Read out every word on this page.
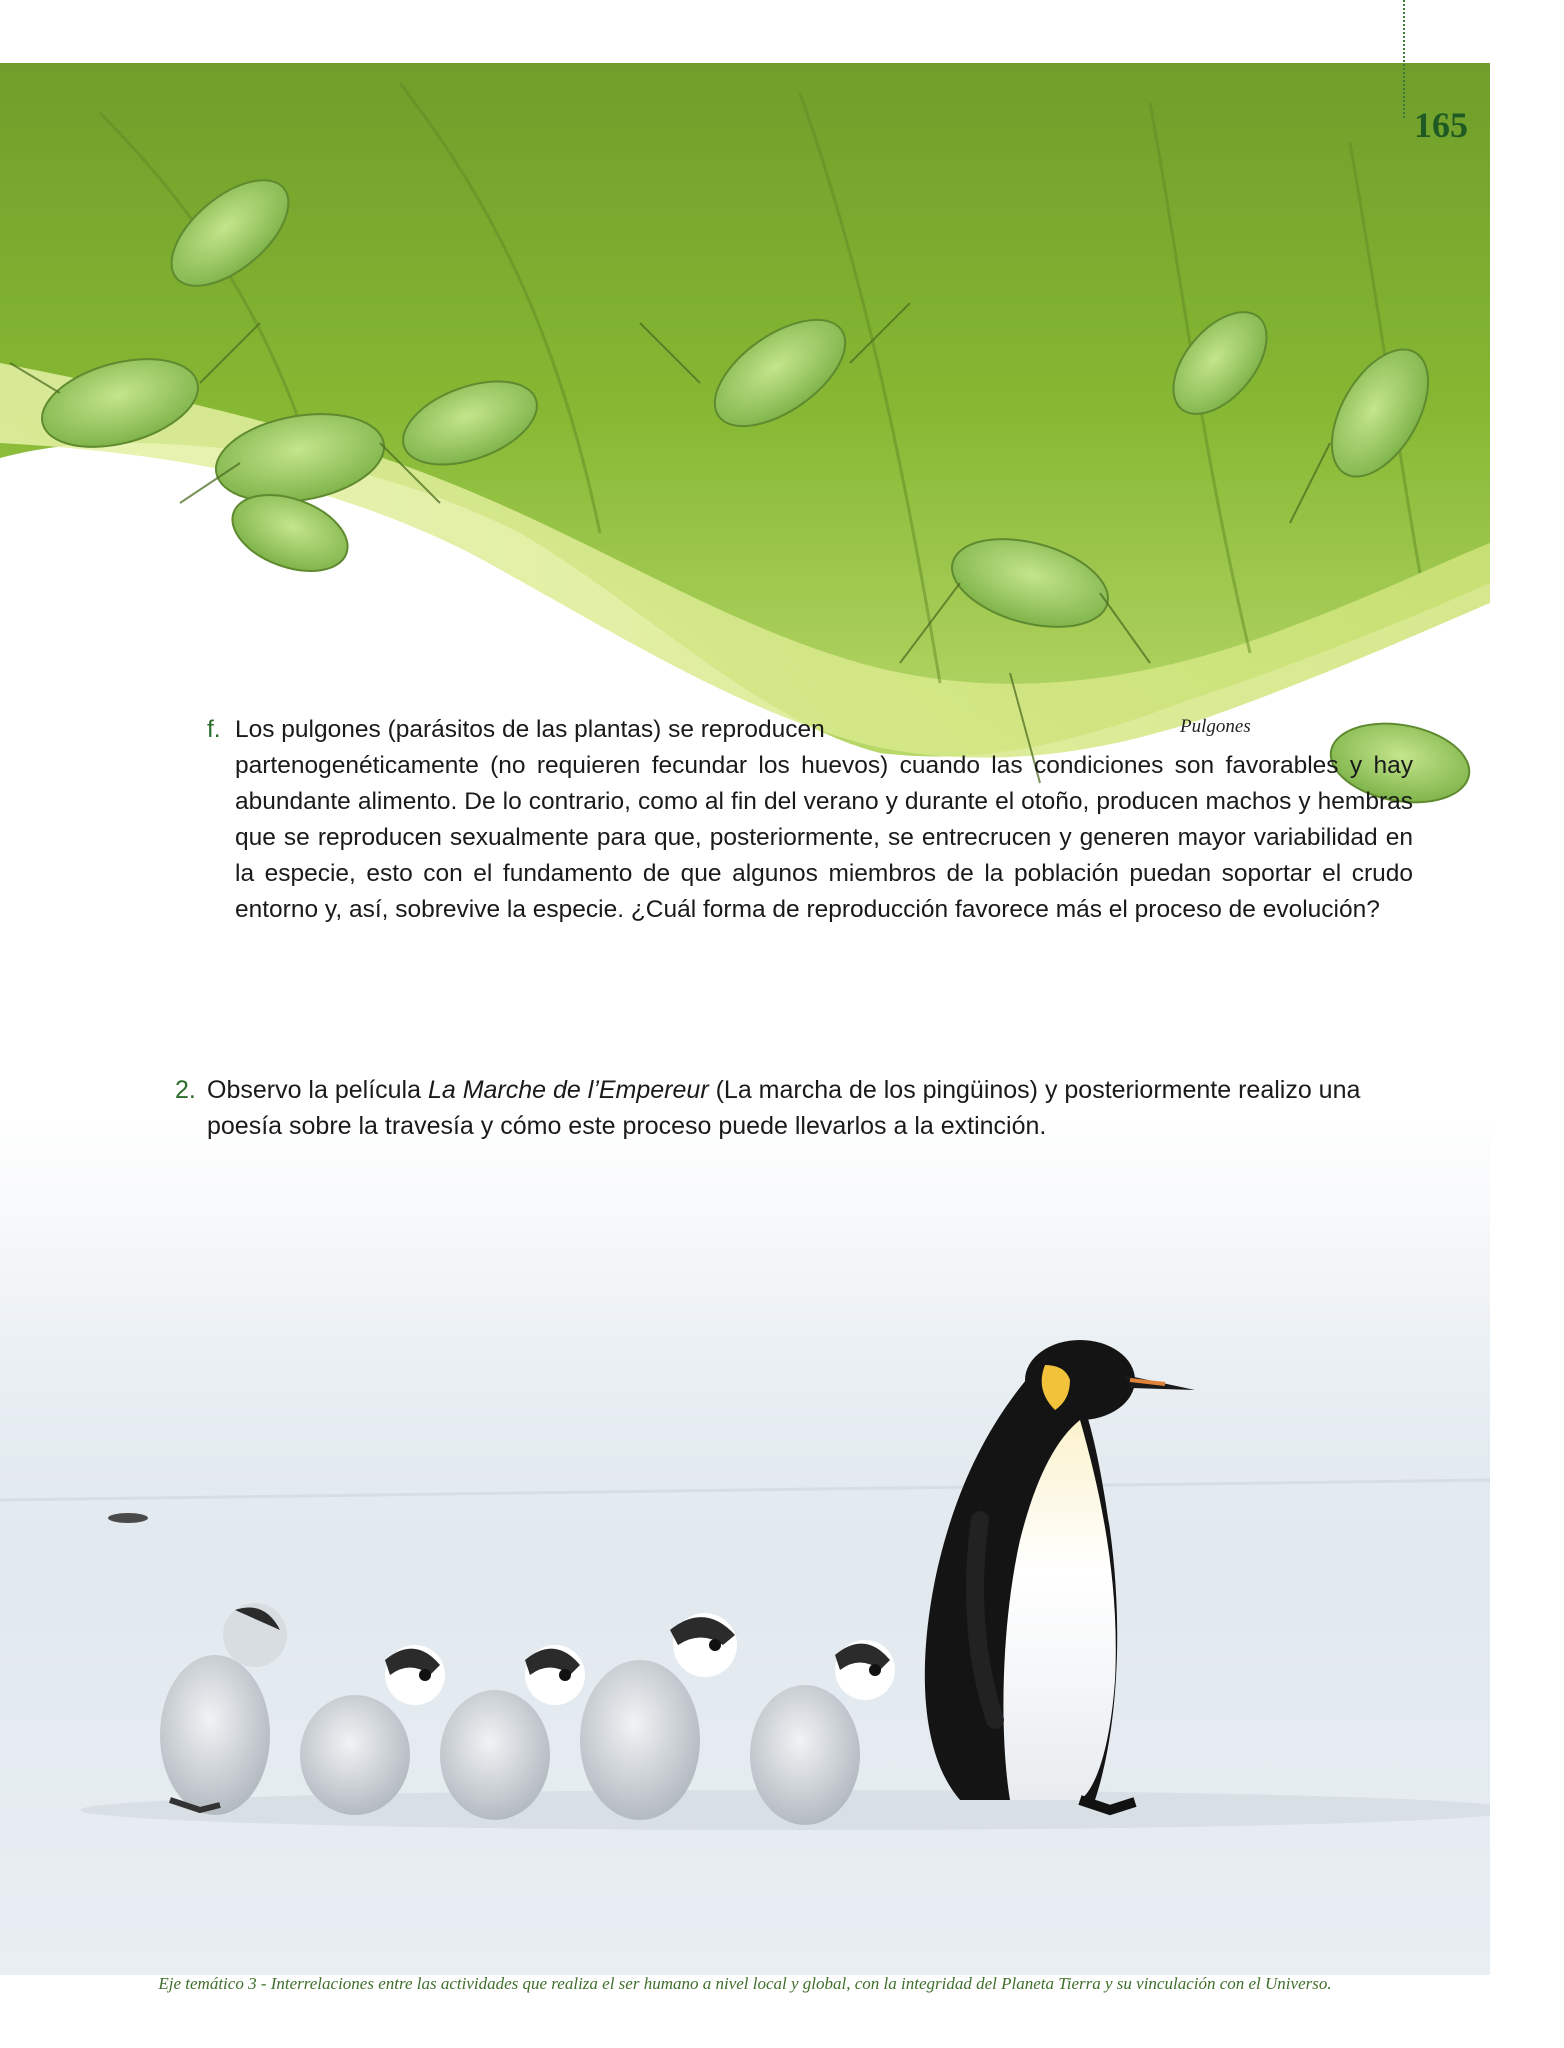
165
Pulgones
f. Los pulgones (parásitos de las plantas) se reproducen

partenogenéticamente (no requieren fecundar los huevos) cuando las condiciones son favorables y hay abundante alimento. De lo contrario, como al fin del verano y durante el otoño, producen machos y hembras que se reproducen sexualmente para que, posteriormente, se entrecrucen y generen mayor variabilidad en la especie, esto con el fundamento de que algunos miembros de la población puedan soportar el crudo entorno y, así, sobrevive la especie. ¿Cuál forma de reproducción favorece más el proceso de evolución?

2. Observo la película La Marche de l’Empereur (La marcha de los pingüinos) y posteriormente realizo una poesía sobre la travesía y cómo este proceso puede llevarlos a la extinción.

Eje temático 3 - Interrelaciones entre las actividades que realiza el ser humano a nivel local y global, con la integridad del Planeta Tierra y su vinculación con el Universo.
